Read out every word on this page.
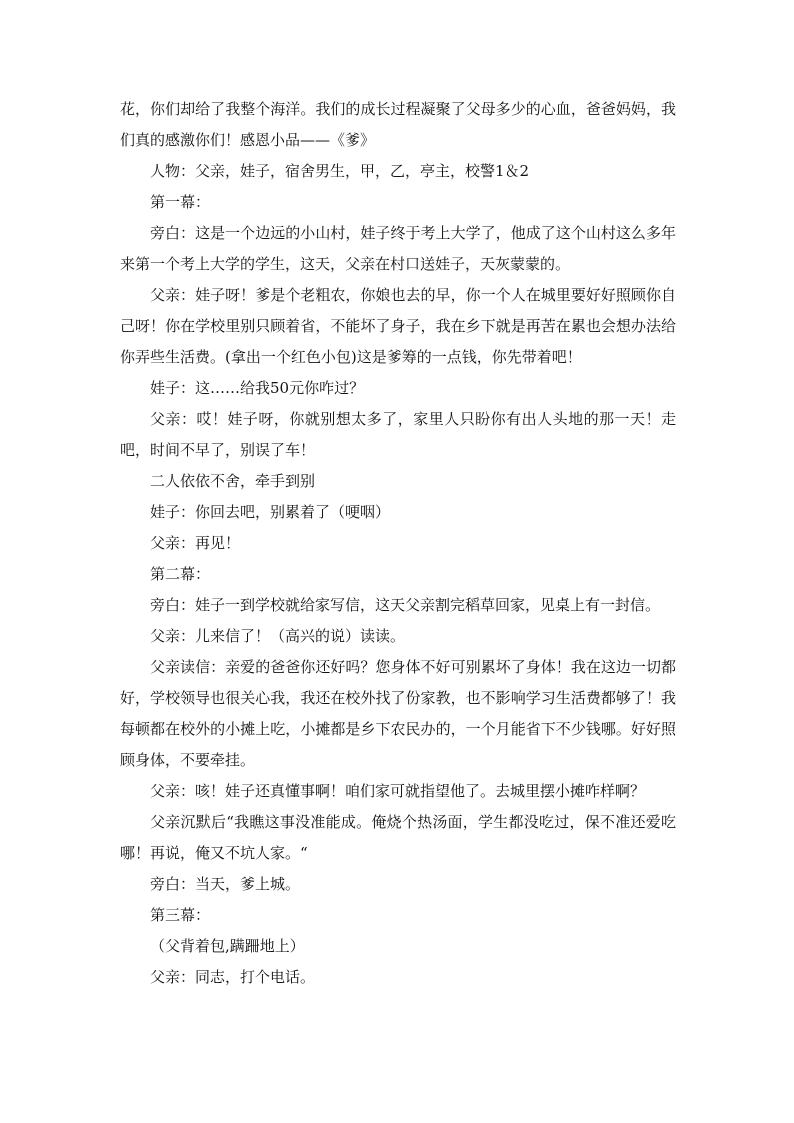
花，你们却给了我整个海洋。我们的成长过程凝聚了父母多少的心血，爸爸妈妈，我们真的感激你们！感恩小品——《爹》

人物：父亲，娃子，宿舍男生，甲，乙，亭主，校警1＆2

第一幕：

旁白：这是一个边远的小山村，娃子终于考上大学了，他成了这个山村这么多年来第一个考上大学的学生，这天，父亲在村口送娃子，天灰蒙蒙的。

父亲：娃子呀！爹是个老粗农，你娘也去的早，你一个人在城里要好好照顾你自己呀！你在学校里别只顾着省，不能坏了身子，我在乡下就是再苦在累也会想办法给你弄些生活费。(拿出一个红色小包)这是爹筹的一点钱，你先带着吧！

娃子：这……给我50元你咋过？

父亲：哎！娃子呀，你就别想太多了，家里人只盼你有出人头地的那一天！走吧，时间不早了，别误了车！

二人依依不舍，牵手到别

娃子：你回去吧，别累着了（哽咽）

父亲：再见！

第二幕：

旁白：娃子一到学校就给家写信，这天父亲割完稻草回家，见桌上有一封信。

父亲：儿来信了！（高兴的说）读读。

父亲读信：亲爱的爸爸你还好吗？您身体不好可别累坏了身体！我在这边一切都好，学校领导也很关心我，我还在校外找了份家教，也不影响学习生活费都够了！我每顿都在校外的小摊上吃，小摊都是乡下农民办的，一个月能省下不少钱哪。好好照顾身体，不要牵挂。

父亲：咳！娃子还真懂事啊！咱们家可就指望他了。去城里摆小摊咋样啊？

父亲沉默后“我瞧这事没准能成。俺烧个热汤面，学生都没吃过，保不准还爱吃哪！再说，俺又不坑人家。“

旁白：当天，爹上城。

第三幕：

（父背着包,蹒跚地上）

父亲：同志，打个电话。
